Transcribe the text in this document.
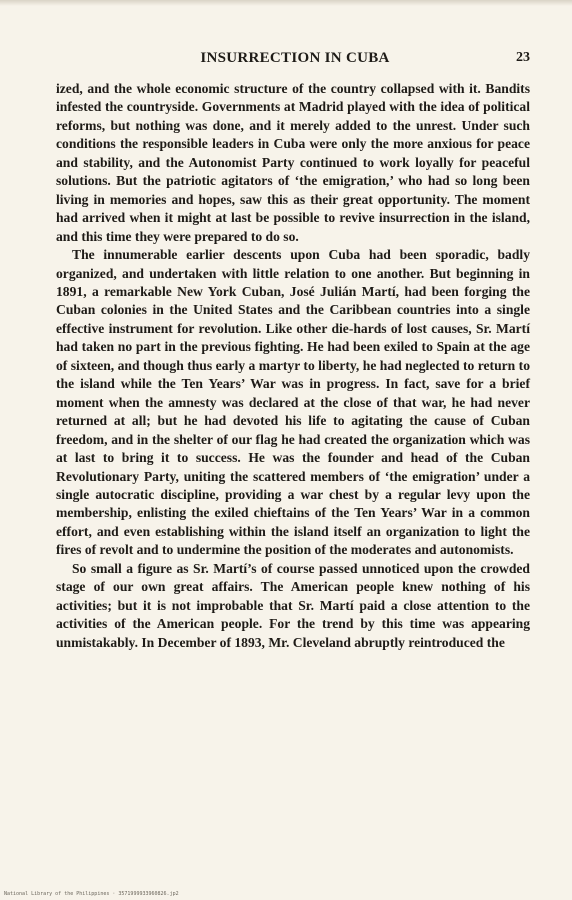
INSURRECTION IN CUBA	23

ized, and the whole economic structure of the country collapsed with it. Bandits infested the countryside. Governments at Madrid played with the idea of political reforms, but nothing was done, and it merely added to the unrest. Under such conditions the responsible leaders in Cuba were only the more anxious for peace and stability, and the Autonomist Party continued to work loyally for peaceful solutions. But the patriotic agitators of ‘the emigration,’ who had so long been living in memories and hopes, saw this as their great opportunity. The moment had arrived when it might at last be possible to revive insurrection in the island, and this time they were prepared to do so.

The innumerable earlier descents upon Cuba had been sporadic, badly organized, and undertaken with little relation to one another. But beginning in 1891, a remarkable New York Cuban, José Julián Martí, had been forging the Cuban colonies in the United States and the Caribbean countries into a single effective instrument for revolution. Like other die-hards of lost causes, Sr. Martí had taken no part in the previous fighting. He had been exiled to Spain at the age of sixteen, and though thus early a martyr to liberty, he had neglected to return to the island while the Ten Years’ War was in progress. In fact, save for a brief moment when the amnesty was declared at the close of that war, he had never returned at all; but he had devoted his life to agitating the cause of Cuban freedom, and in the shelter of our flag he had created the organization which was at last to bring it to success. He was the founder and head of the Cuban Revolutionary Party, uniting the scattered members of ‘the emigration’ under a single autocratic discipline, providing a war chest by a regular levy upon the membership, enlisting the exiled chieftains of the Ten Years’ War in a common effort, and even establishing within the island itself an organization to light the fires of revolt and to undermine the position of the moderates and autonomists.

So small a figure as Sr. Martí’s of course passed unnoticed upon the crowded stage of our own great affairs. The American people knew nothing of his activities; but it is not improbable that Sr. Martí paid a close attention to the activities of the American people. For the trend by this time was appearing unmistakably. In December of 1893, Mr. Cleveland abruptly reintroduced the

National Library of the Philippines · 3571999933960826.jp2
